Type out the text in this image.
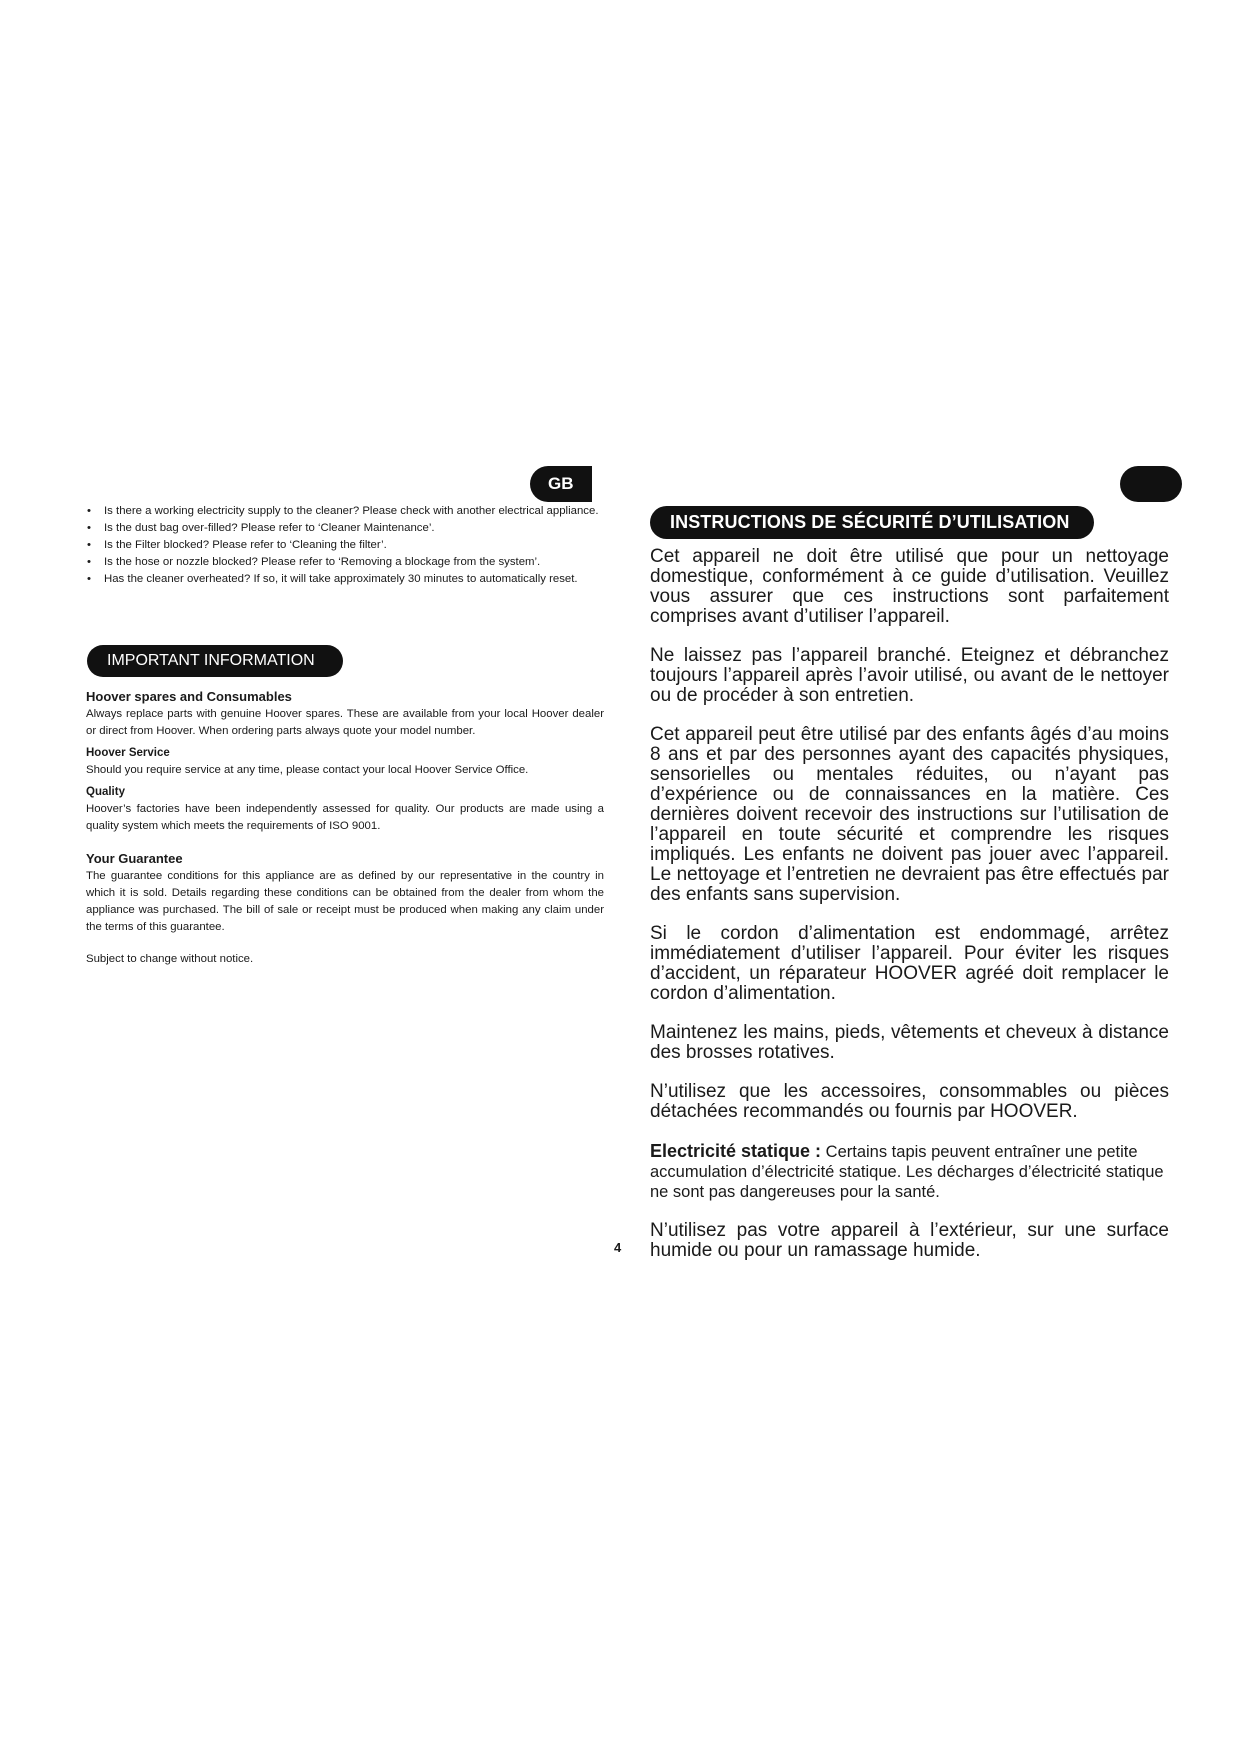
GB
• Is there a working electricity supply to the cleaner? Please check with another electrical appliance.
• Is the dust bag over-filled? Please refer to ‘Cleaner Maintenance’.
• Is the Filter blocked? Please refer to ‘Cleaning the filter’.
• Is the hose or nozzle blocked? Please refer to ‘Removing a blockage from the system’.
• Has the cleaner overheated? If so, it will take approximately 30 minutes to automatically reset.
IMPORTANT INFORMATION
Hoover spares and Consumables

Always replace parts with genuine Hoover spares. These are available from your local Hoover dealer or direct from Hoover. When ordering parts always quote your model number.

Hoover Service

Should you require service at any time, please contact your local Hoover Service Office.

Quality

Hoover’s factories have been independently assessed for quality. Our products are made using a quality system which meets the requirements of ISO 9001.

Your Guarantee

The guarantee conditions for this appliance are as defined by our representative in the country in which it is sold. Details regarding these conditions can be obtained from the dealer from whom the appliance was purchased. The bill of sale or receipt must be produced when making any claim under the terms of this guarantee.

Subject to change without notice.

4
INSTRUCTIONS DE SÉCURITÉ D’UTILISATION

Cet appareil ne doit être utilisé que pour un nettoyage domestique, conformément à ce guide d’utilisation. Veuillez vous assurer que ces instructions sont parfaitement comprises avant d’utiliser l’appareil.

Ne laissez pas l’appareil branché. Eteignez et débranchez toujours l’appareil après l’avoir utilisé, ou avant de le nettoyer ou de procéder à son entretien.

Cet appareil peut être utilisé par des enfants âgés d’au moins 8 ans et par des personnes ayant des capacités physiques, sensorielles ou mentales réduites, ou n’ayant pas d’expérience ou de connaissances en la matière. Ces dernières doivent recevoir des instructions sur l’utilisation de l’appareil en toute sécurité et comprendre les risques impliqués. Les enfants ne doivent pas jouer avec l’appareil. Le nettoyage et l’entretien ne devraient pas être effectués par des enfants sans supervision.

Si le cordon d’alimentation est endommagé, arrêtez immédiatement d’utiliser l’appareil. Pour éviter les risques d’accident, un réparateur HOOVER agréé doit remplacer le cordon d’alimentation.

Maintenez les mains, pieds, vêtements et cheveux à distance des brosses rotatives.

N’utilisez que les accessoires, consommables ou pièces détachées recommandés ou fournis par HOOVER.

Electricité statique : Certains tapis peuvent entraîner une petite accumulation d’électricité statique. Les décharges d’électricité statique ne sont pas dangereuses pour la santé.

N’utilisez pas votre appareil à l’extérieur, sur une surface humide ou pour un ramassage humide.
